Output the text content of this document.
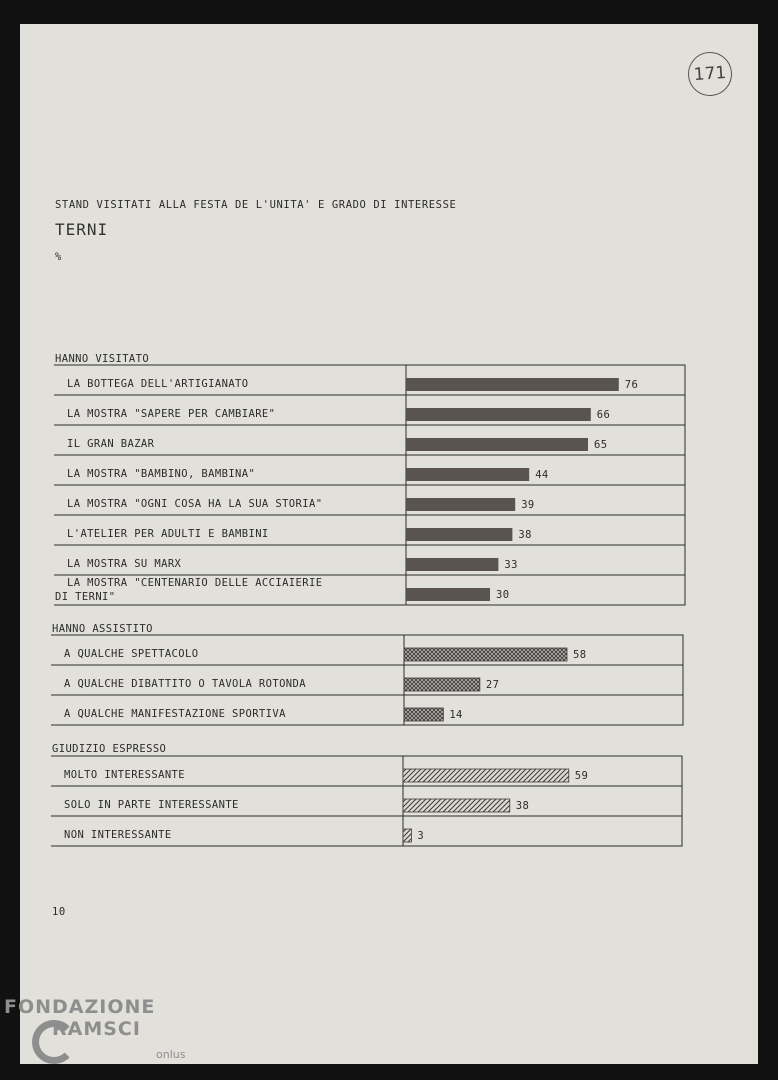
171
STAND VISITATI ALLA FESTA DE L'UNITA' E GRADO DI INTERESSE
TERNI
%
10
HANNO VISITATO
LA BOTTEGA DELL'ARTIGIANATO	76
LA MOSTRA "SAPERE PER CAMBIARE"	66
IL GRAN BAZAR	65
LA MOSTRA "BAMBINO, BAMBINA"	44
LA MOSTRA "OGNI COSA HA LA SUA STORIA"	39
L'ATELIER PER ADULTI E BAMBINI	38
LA MOSTRA SU MARX	33
LA MOSTRA "CENTENARIO DELLE ACCIAIERIE
DI TERNI"	30
HANNO ASSISTITO
A QUALCHE SPETTACOLO	58
A QUALCHE DIBATTITO O TAVOLA ROTONDA	27
A QUALCHE MANIFESTAZIONE SPORTIVA	14
GIUDIZIO ESPRESSO
MOLTO INTERESSANTE	59
SOLO IN PARTE INTERESSANTE	38
NON INTERESSANTE	3
FONDAZIONE
RAMSCI
onlus
